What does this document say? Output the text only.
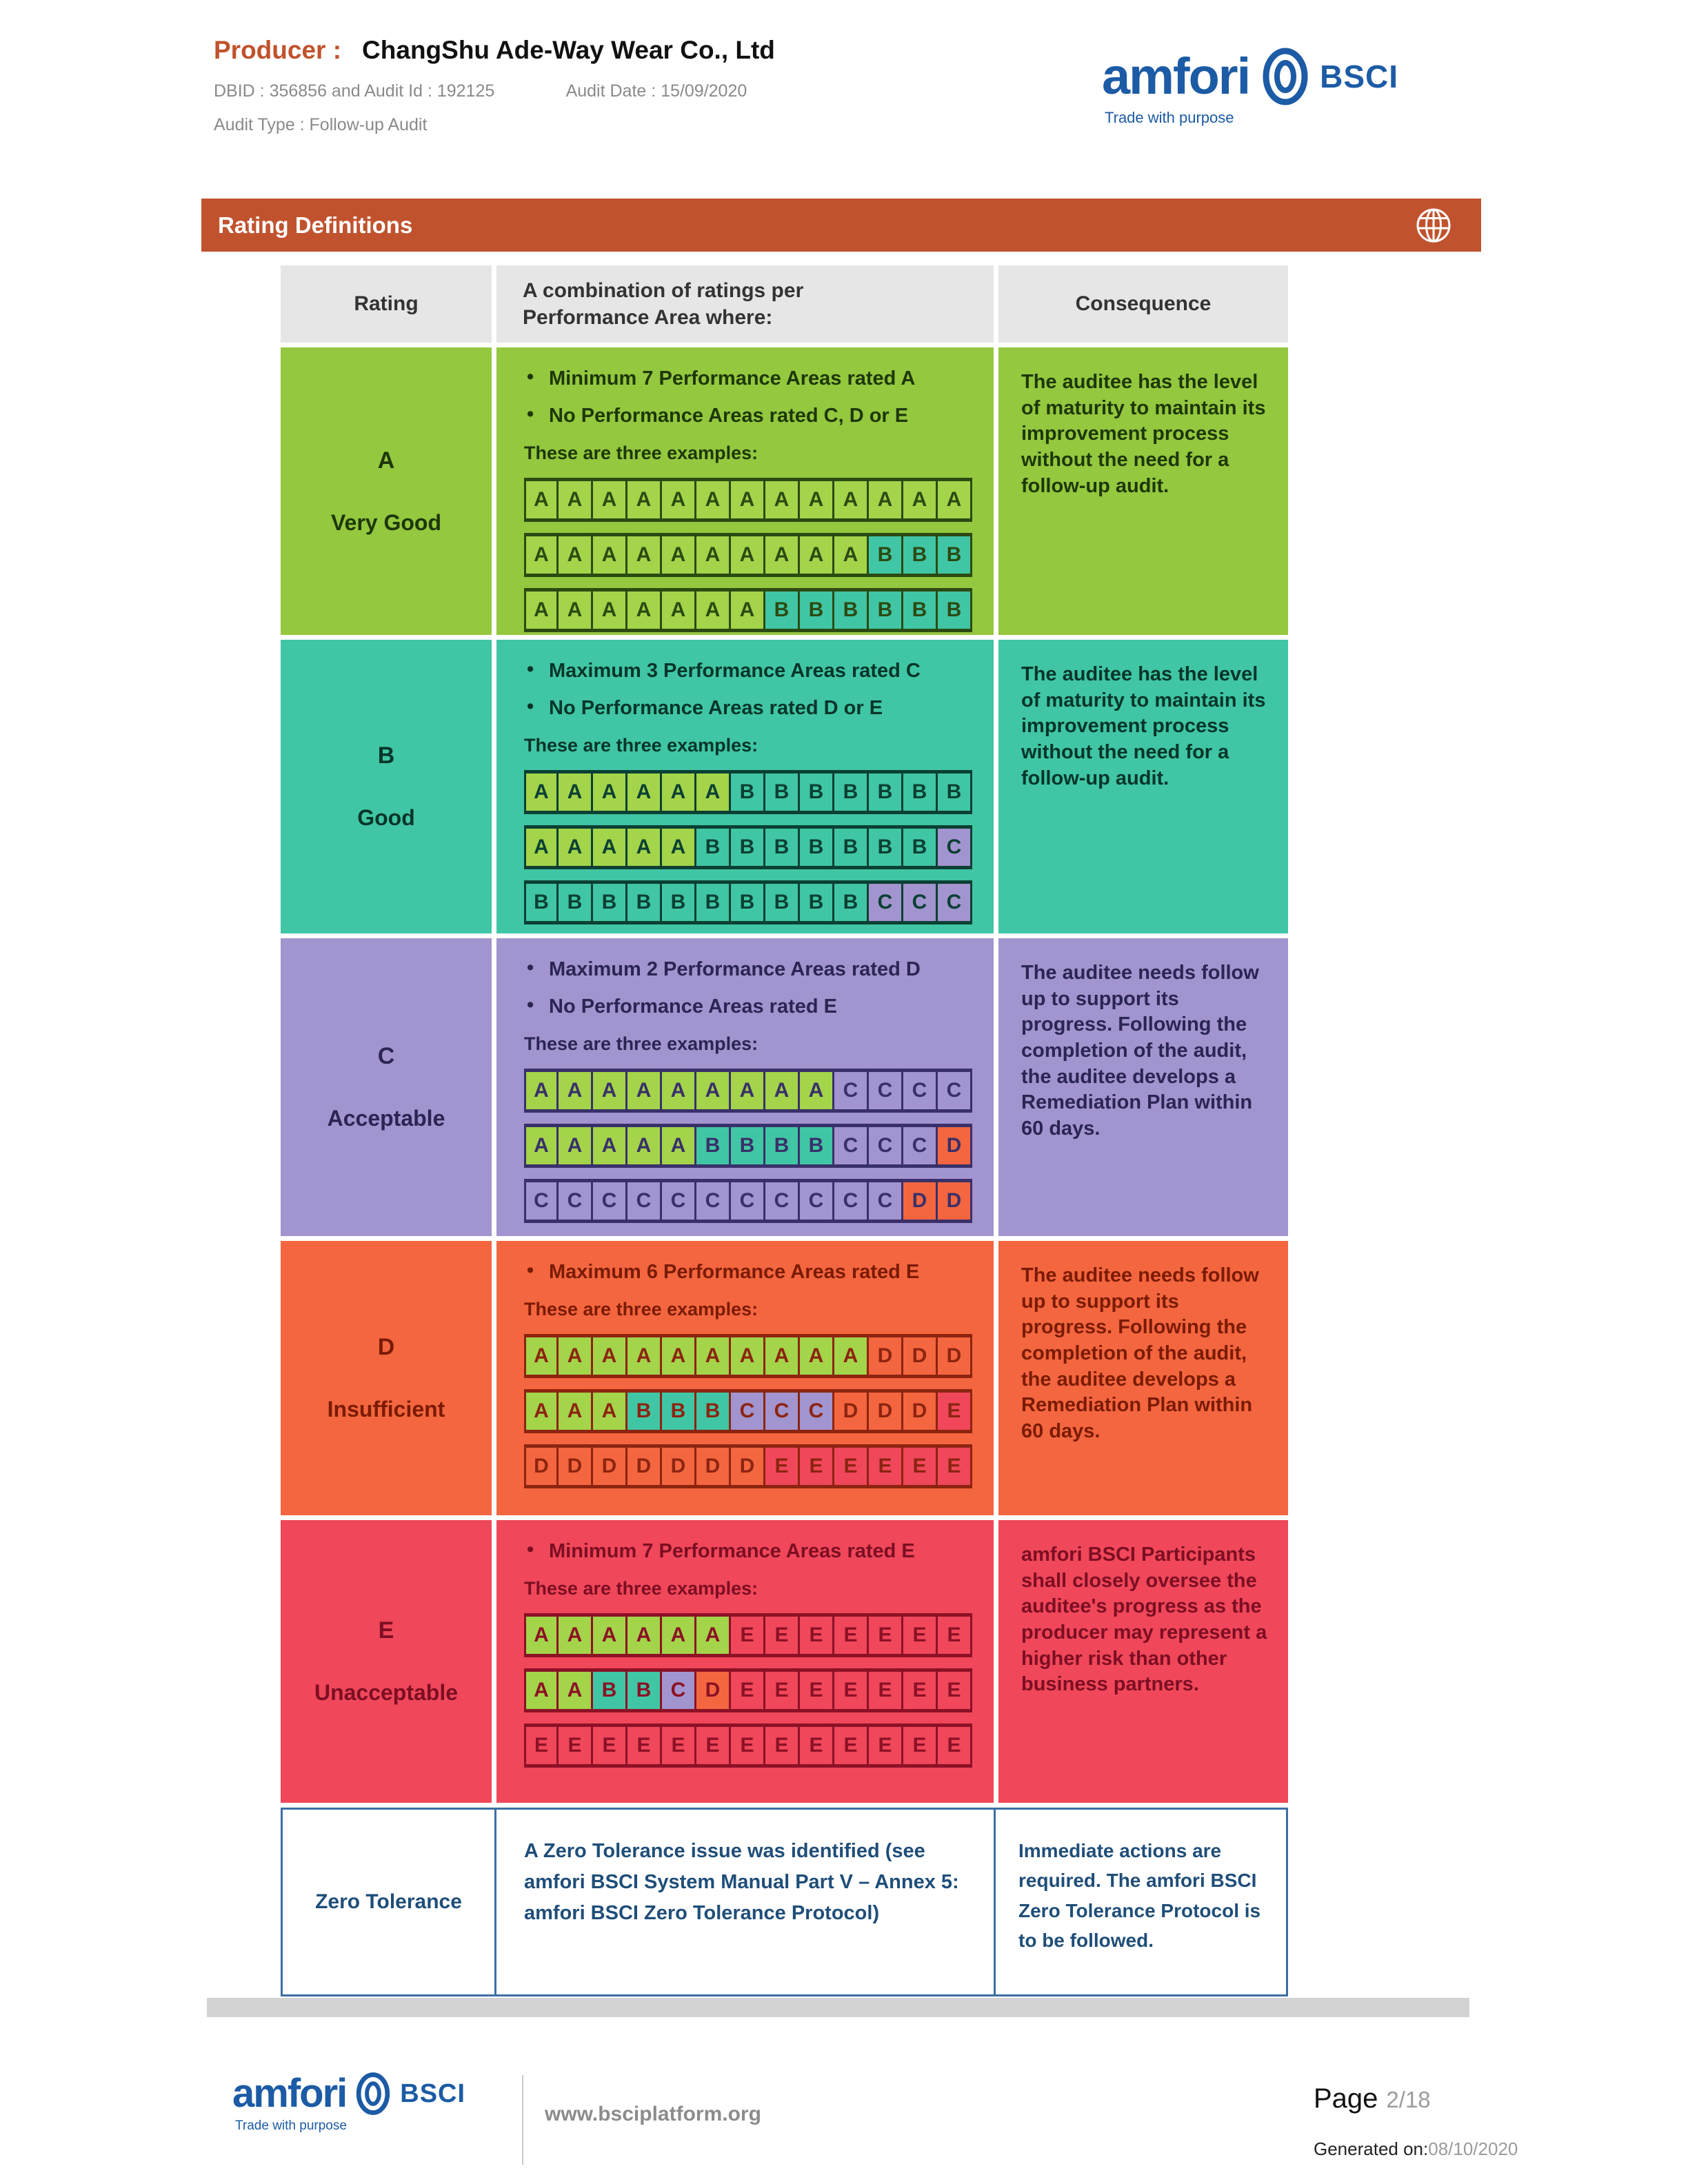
Producer : ChangShu Ade-Way Wear Co., Ltd
DBID : 356856 and Audit Id : 192125	Audit Date : 15/09/2020
Audit Type : Follow-up Audit
amfori BSCI
Trade with purpose
Rating Definitions
Rating
A combination of ratings per Performance Area where:
Consequence
A
Very Good
• Minimum 7 Performance Areas rated A
• No Performance Areas rated C, D or E
These are three examples:
A A A A A A A A A A A A A
A A A A A A A A A A B B B
A A A A A A A B B B B B B
The auditee has the level of maturity to maintain its improvement process without the need for a follow-up audit.
B
Good
• Maximum 3 Performance Areas rated C
• No Performance Areas rated D or E
These are three examples:
A A A A A A B B B B B B B
A A A A A B B B B B B B C
B B B B B B B B B B C C C
The auditee has the level of maturity to maintain its improvement process without the need for a follow-up audit.
C
Acceptable
• Maximum 2 Performance Areas rated D
• No Performance Areas rated E
These are three examples:
A A A A A A A A A C C C C
A A A A A B B B B C C C D
C C C C C C C C C C C D D
The auditee needs follow up to support its progress. Following the completion of the audit, the auditee develops a Remediation Plan within 60 days.
D
Insufficient
• Maximum 6 Performance Areas rated E
These are three examples:
A A A A A A A A A A D D D
A A A B B B C C C D D D E
D D D D D D D E E E E E E
The auditee needs follow up to support its progress. Following the completion of the audit, the auditee develops a Remediation Plan within 60 days.
E
Unacceptable
• Minimum 7 Performance Areas rated E
These are three examples:
A A A A A A E E E E E E E
A A B B C D E E E E E E E
E E E E E E E E E E E E E
amfori BSCI Participants shall closely oversee the auditee's progress as the producer may represent a higher risk than other business partners.
Zero Tolerance
A Zero Tolerance issue was identified (see amfori BSCI System Manual Part V – Annex 5: amfori BSCI Zero Tolerance Protocol)
Immediate actions are required. The amfori BSCI Zero Tolerance Protocol is to be followed.
amfori BSCI
Trade with purpose
www.bsciplatform.org
Page 2/18
Generated on:08/10/2020
